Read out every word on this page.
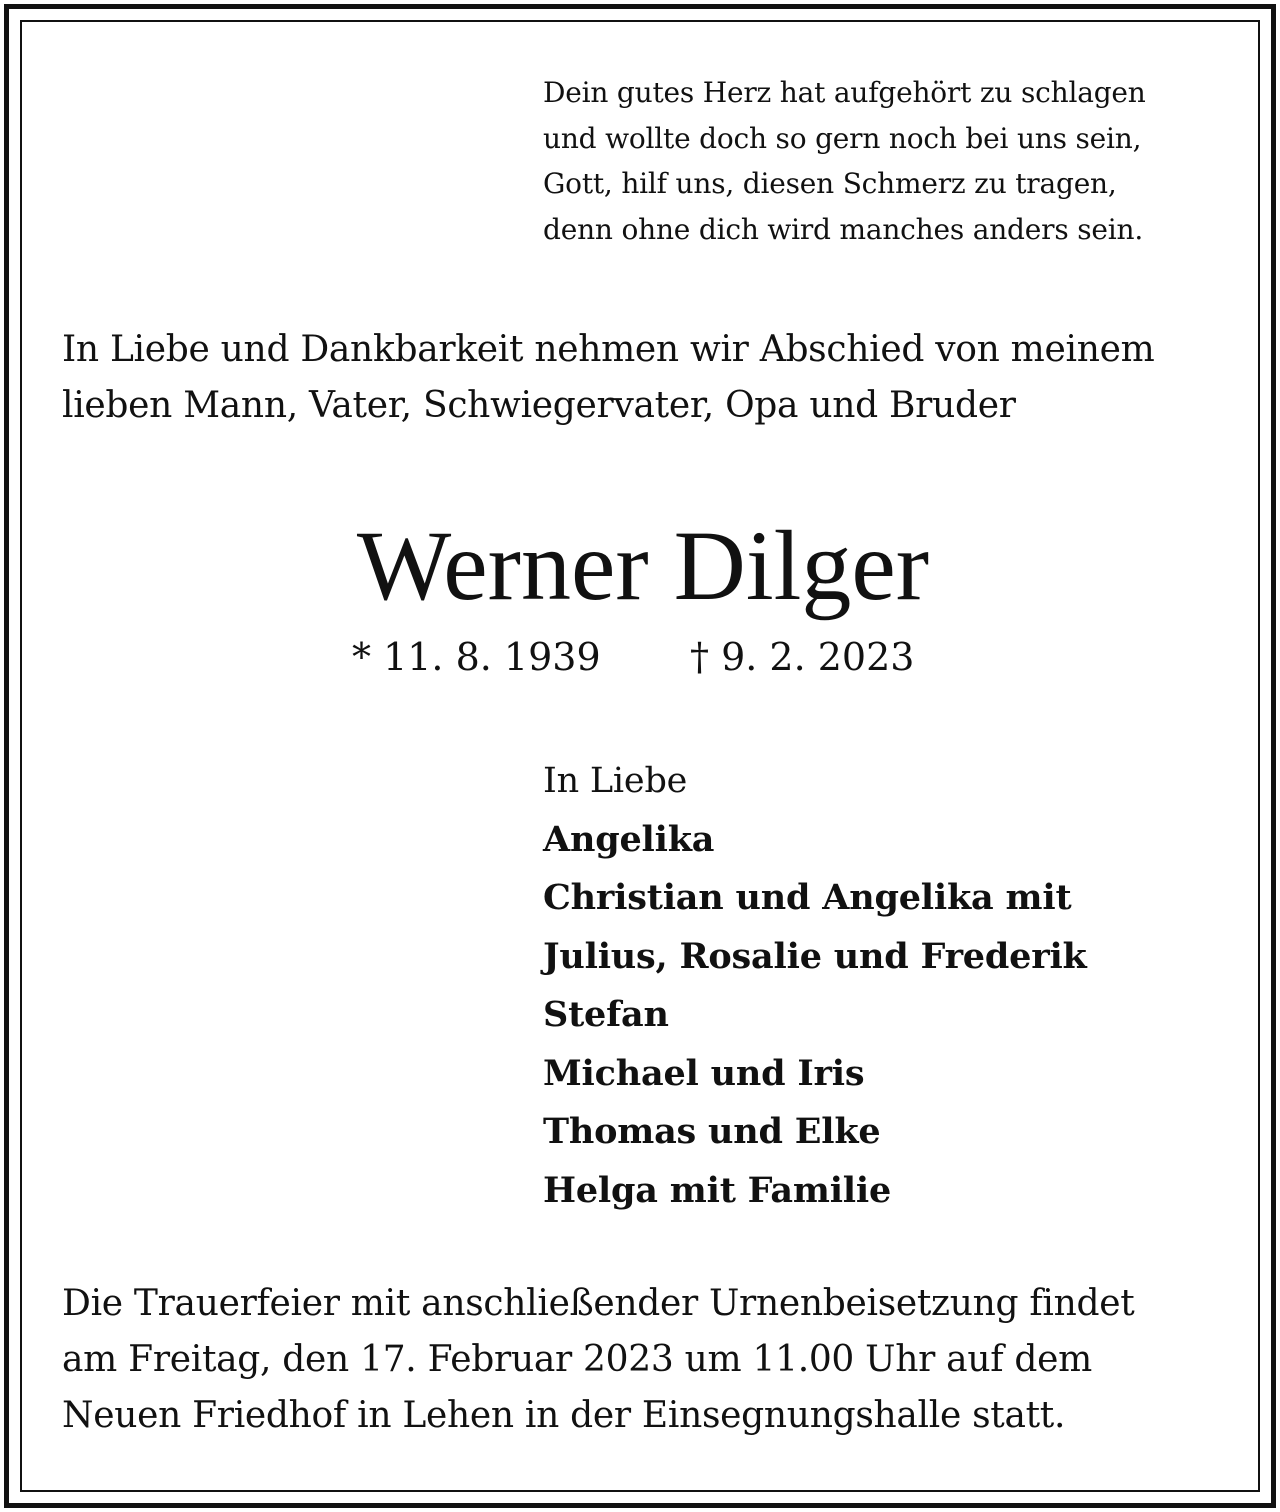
Dein gutes Herz hat aufgehört zu schlagen
und wollte doch so gern noch bei uns sein,
Gott, hilf uns, diesen Schmerz zu tragen,
denn ohne dich wird manches anders sein.
In Liebe und Dankbarkeit nehmen wir Abschied von meinem
lieben Mann, Vater, Schwiegervater, Opa und Bruder
Werner Dilger
* 11. 8. 1939 † 9. 2. 2023
In Liebe
Angelika
Christian und Angelika mit
Julius, Rosalie und Frederik
Stefan
Michael und Iris
Thomas und Elke
Helga mit Familie
Die Trauerfeier mit anschließender Urnenbeisetzung findet
am Freitag, den 17. Februar 2023 um 11.00 Uhr auf dem
Neuen Friedhof in Lehen in der Einsegnungshalle statt.
